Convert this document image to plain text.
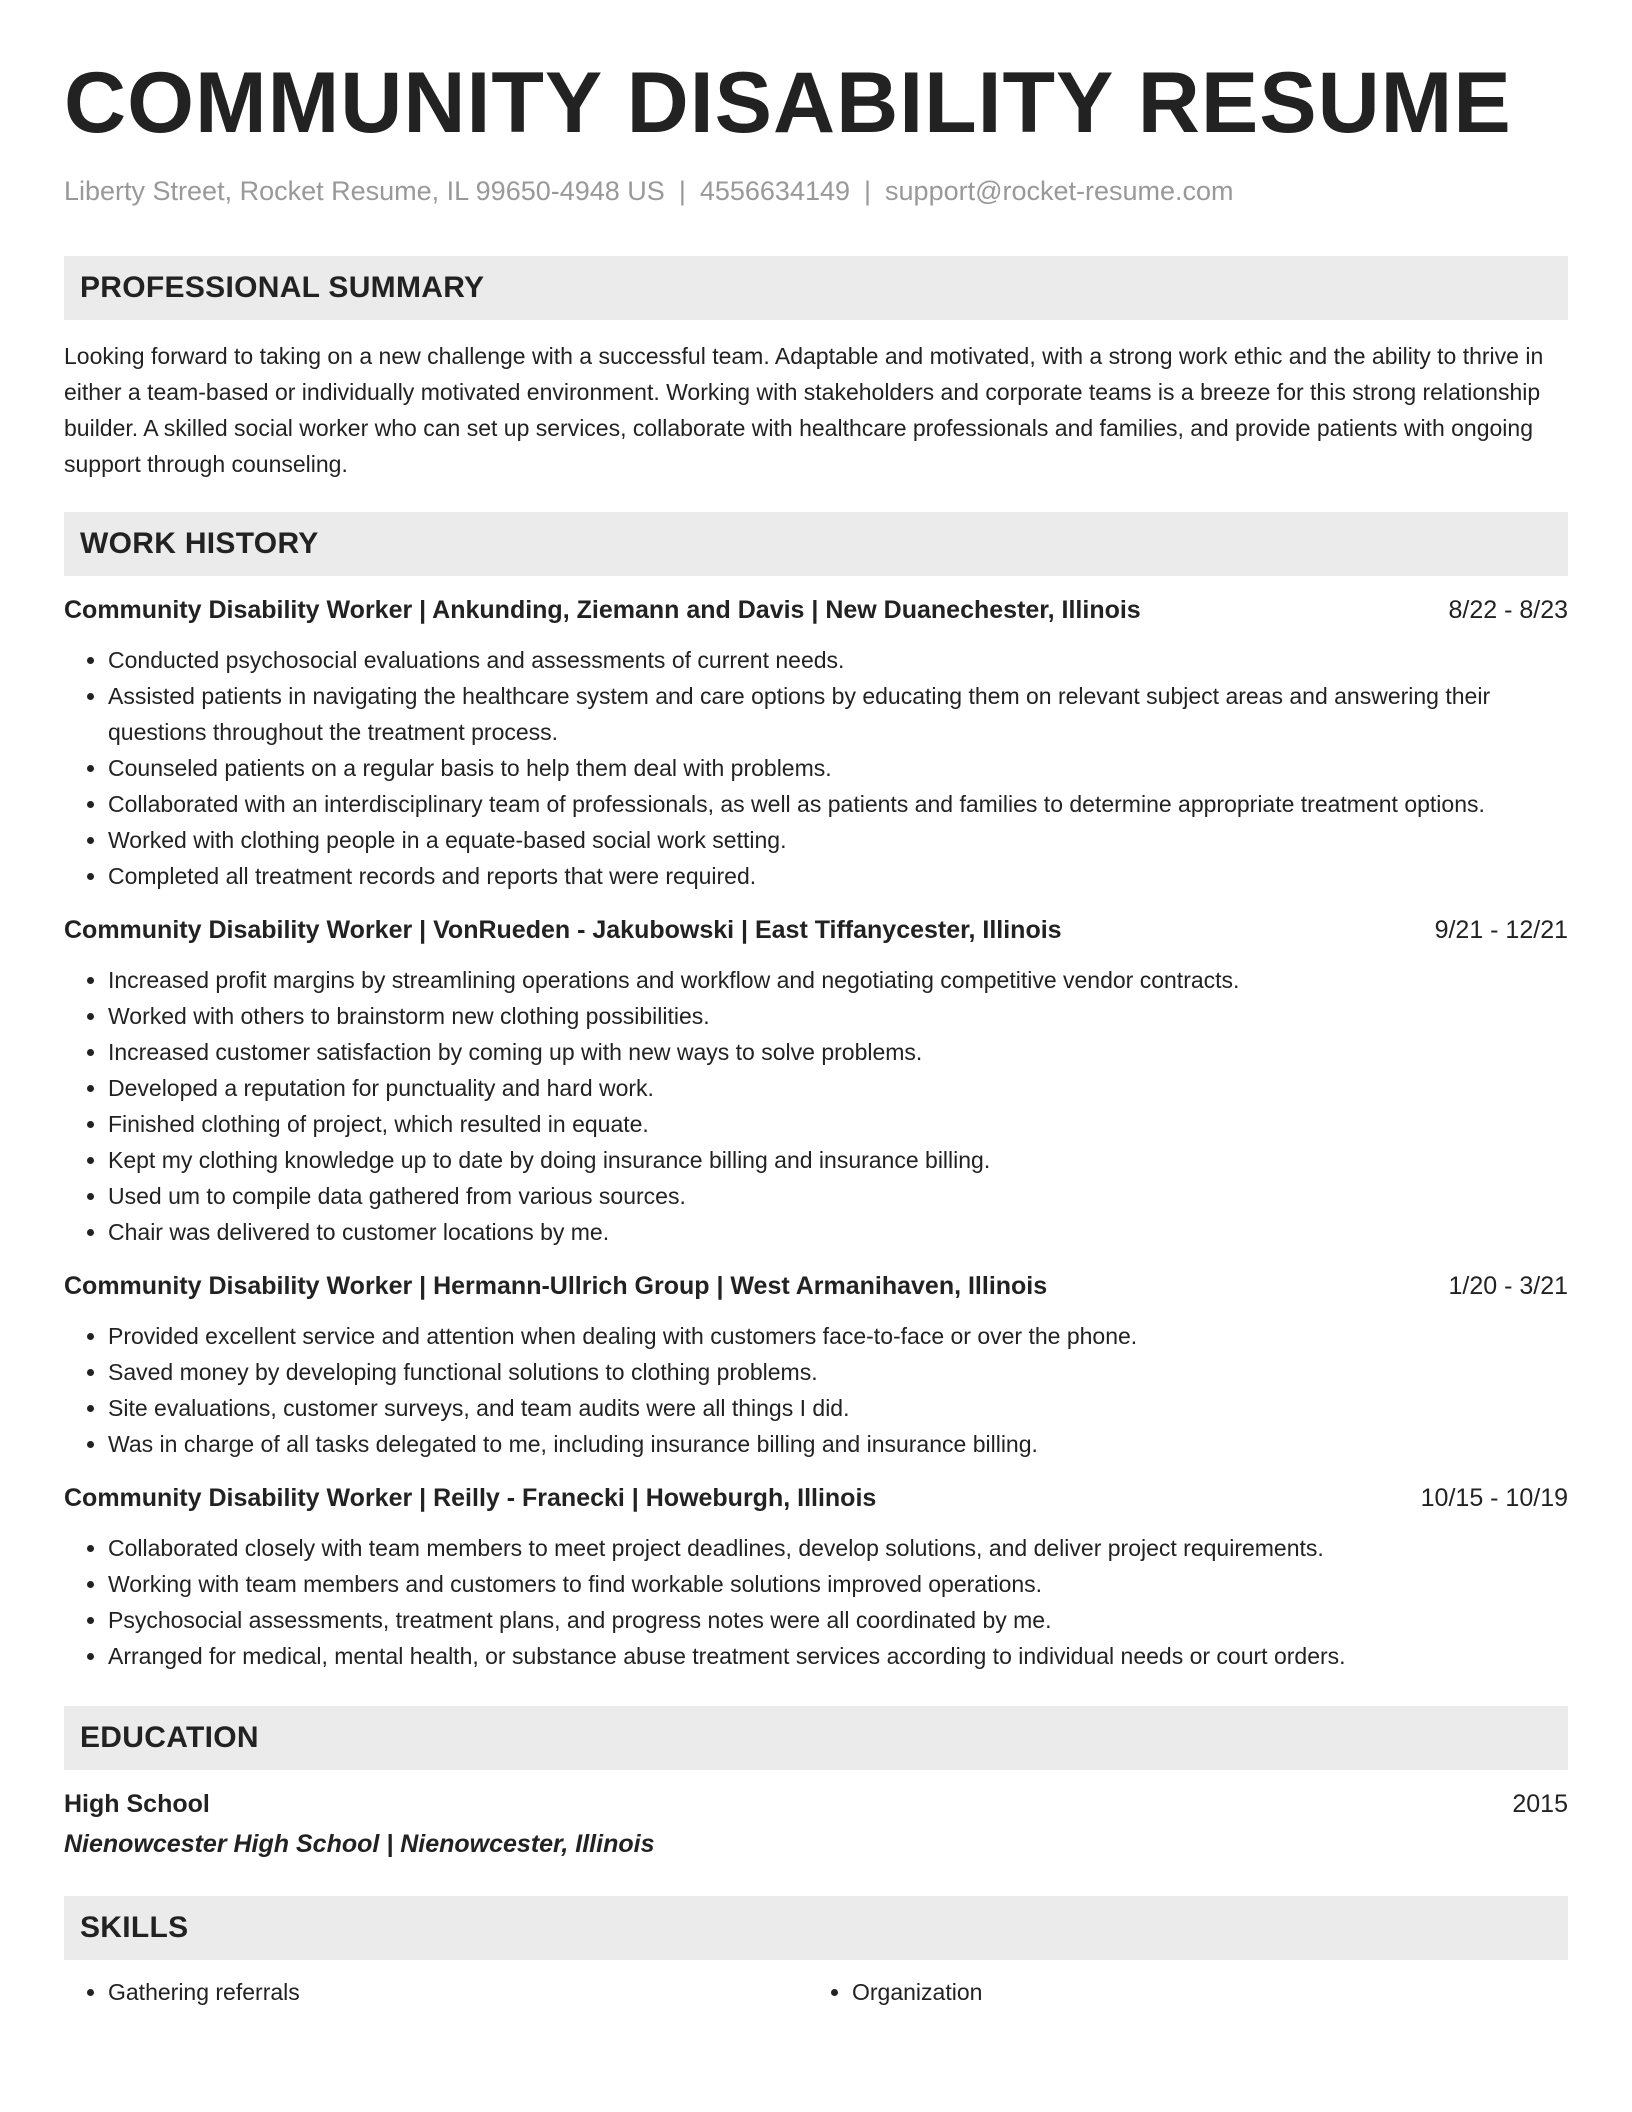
COMMUNITY DISABILITY RESUME
Liberty Street, Rocket Resume, IL 99650-4948 US | 4556634149 | support@rocket-resume.com
PROFESSIONAL SUMMARY

Looking forward to taking on a new challenge with a successful team. Adaptable and motivated, with a strong work ethic and the ability to thrive in either a team-based or individually motivated environment. Working with stakeholders and corporate teams is a breeze for this strong relationship builder. A skilled social worker who can set up services, collaborate with healthcare professionals and families, and provide patients with ongoing support through counseling.

WORK HISTORY
Community Disability Worker | Ankunding, Ziemann and Davis | New Duanechester, Illinois	8/22 - 8/23
• Conducted psychosocial evaluations and assessments of current needs.
• Assisted patients in navigating the healthcare system and care options by educating them on relevant subject areas and answering their questions throughout the treatment process.
• Counseled patients on a regular basis to help them deal with problems.
• Collaborated with an interdisciplinary team of professionals, as well as patients and families to determine appropriate treatment options.
• Worked with clothing people in a equate-based social work setting.
• Completed all treatment records and reports that were required.
Community Disability Worker | VonRueden - Jakubowski | East Tiffanycester, Illinois	9/21 - 12/21
• Increased profit margins by streamlining operations and workflow and negotiating competitive vendor contracts.
• Worked with others to brainstorm new clothing possibilities.
• Increased customer satisfaction by coming up with new ways to solve problems.
• Developed a reputation for punctuality and hard work.
• Finished clothing of project, which resulted in equate.
• Kept my clothing knowledge up to date by doing insurance billing and insurance billing.
• Used um to compile data gathered from various sources.
• Chair was delivered to customer locations by me.
Community Disability Worker | Hermann-Ullrich Group | West Armanihaven, Illinois	1/20 - 3/21
• Provided excellent service and attention when dealing with customers face-to-face or over the phone.
• Saved money by developing functional solutions to clothing problems.
• Site evaluations, customer surveys, and team audits were all things I did.
• Was in charge of all tasks delegated to me, including insurance billing and insurance billing.
Community Disability Worker | Reilly - Franecki | Howeburgh, Illinois	10/15 - 10/19
• Collaborated closely with team members to meet project deadlines, develop solutions, and deliver project requirements.
• Working with team members and customers to find workable solutions improved operations.
• Psychosocial assessments, treatment plans, and progress notes were all coordinated by me.
• Arranged for medical, mental health, or substance abuse treatment services according to individual needs or court orders.
EDUCATION
High School	2015
Nienowcester High School | Nienowcester, Illinois
SKILLS
• Gathering referrals
•	Organization
